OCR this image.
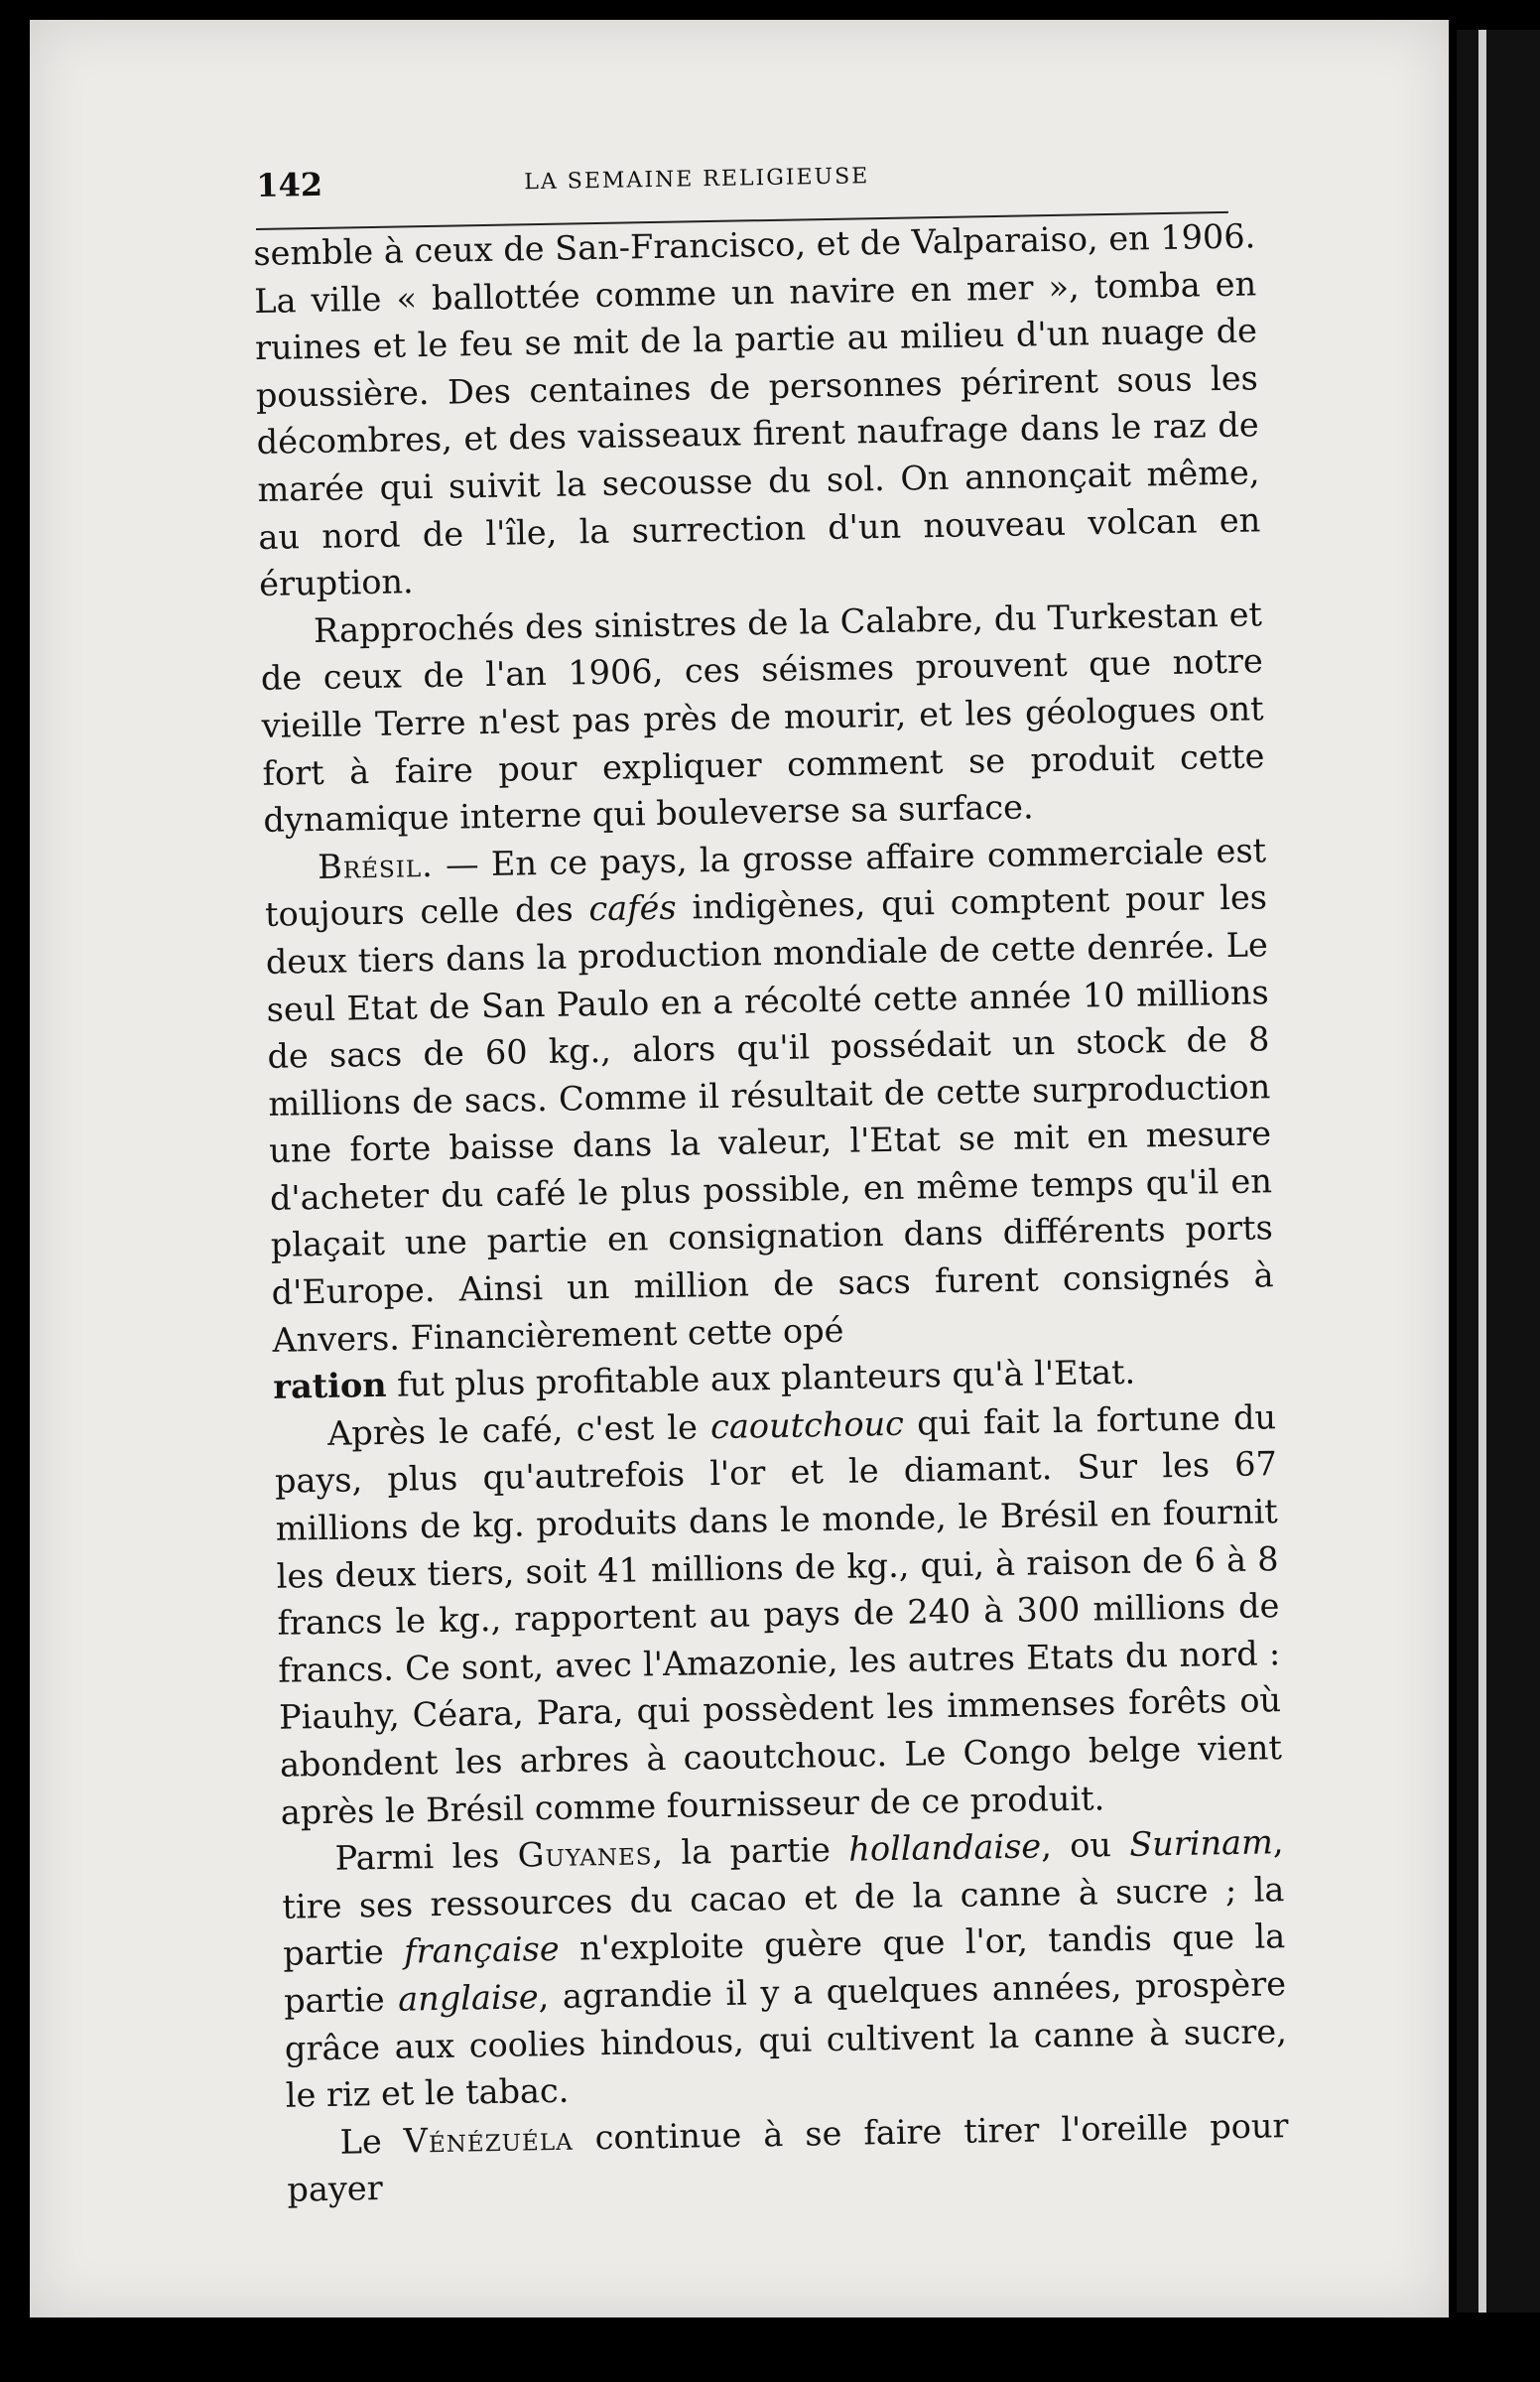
142	LA SEMAINE RELIGIEUSE

semble à ceux de San-Francisco, et de Valparaiso, en 1906. La ville « ballottée comme un navire en mer », tomba en ruines et le feu se mit de la partie au milieu d'un nuage de poussière. Des centaines de personnes périrent sous les décombres, et des vaisseaux firent naufrage dans le raz de marée qui suivit la secousse du sol. On annonçait même, au nord de l'île, la surrection d'un nouveau volcan en éruption.

Rapprochés des sinistres de la Calabre, du Turkestan et de ceux de l'an 1906, ces séismes prouvent que notre vieille Terre n'est pas près de mourir, et les géologues ont fort à faire pour expliquer comment se produit cette dynamique interne qui bouleverse sa surface.

Brésil. — En ce pays, la grosse affaire commerciale est toujours celle des cafés indigènes, qui comptent pour les deux tiers dans la production mondiale de cette denrée. Le seul Etat de San Paulo en a récolté cette année 10 millions de sacs de 60 kg., alors qu'il possédait un stock de 8 millions de sacs. Comme il résultait de cette surproduction une forte baisse dans la valeur, l'Etat se mit en mesure d'acheter du café le plus possible, en même temps qu'il en plaçait une partie en consignation dans différents ports d'Europe. Ainsi un million de sacs furent consignés à Anvers. Financièrement cette opé
ration fut plus profitable aux planteurs qu'à l'Etat.

Après le café, c'est le caoutchouc qui fait la fortune du pays, plus qu'autrefois l'or et le diamant. Sur les 67 millions de kg. produits dans le monde, le Brésil en fournit les deux tiers, soit 41 millions de kg., qui, à raison de 6 à 8 francs le kg., rapportent au pays de 240 à 300 millions de francs. Ce sont, avec l'Amazonie, les autres Etats du nord : Piauhy, Céara, Para, qui possèdent les immenses forêts où abondent les arbres à caoutchouc. Le Congo belge vient après le Brésil comme fournisseur de ce produit.

Parmi les Guyanes, la partie hollandaise, ou Surinam, tire ses ressources du cacao et de la canne à sucre ; la partie française n'exploite guère que l'or, tandis que la partie anglaise, agrandie il y a quelques années, prospère grâce aux coolies hindous, qui cultivent la canne à sucre, le riz et le tabac.

Le Vénézuéla continue à se faire tirer l'oreille pour payer
